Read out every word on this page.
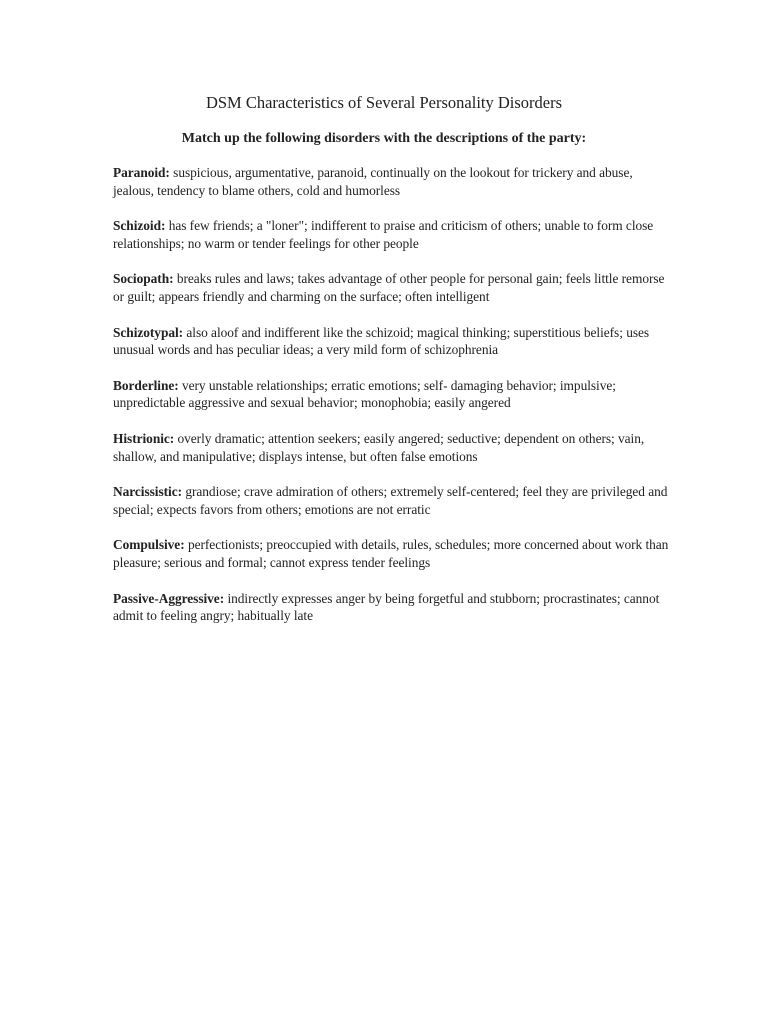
DSM Characteristics of Several Personality Disorders

Match up the following disorders with the descriptions of the party:

Paranoid: suspicious, argumentative, paranoid, continually on the lookout for trickery and abuse, jealous, tendency to blame others, cold and humorless

Schizoid: has few friends; a "loner"; indifferent to praise and criticism of others; unable to form close relationships; no warm or tender feelings for other people

Sociopath: breaks rules and laws; takes advantage of other people for personal gain; feels little remorse or guilt; appears friendly and charming on the surface; often intelligent

Schizotypal: also aloof and indifferent like the schizoid; magical thinking; superstitious beliefs; uses unusual words and has peculiar ideas; a very mild form of schizophrenia

Borderline: very unstable relationships; erratic emotions; self- damaging behavior; impulsive; unpredictable aggressive and sexual behavior; monophobia; easily angered

Histrionic: overly dramatic; attention seekers; easily angered; seductive; dependent on others; vain, shallow, and manipulative; displays intense, but often false emotions

Narcissistic: grandiose; crave admiration of others; extremely self-centered; feel they are privileged and special; expects favors from others; emotions are not erratic

Compulsive: perfectionists; preoccupied with details, rules, schedules; more concerned about work than pleasure; serious and formal; cannot express tender feelings

Passive-Aggressive: indirectly expresses anger by being forgetful and stubborn; procrastinates; cannot admit to feeling angry; habitually late
